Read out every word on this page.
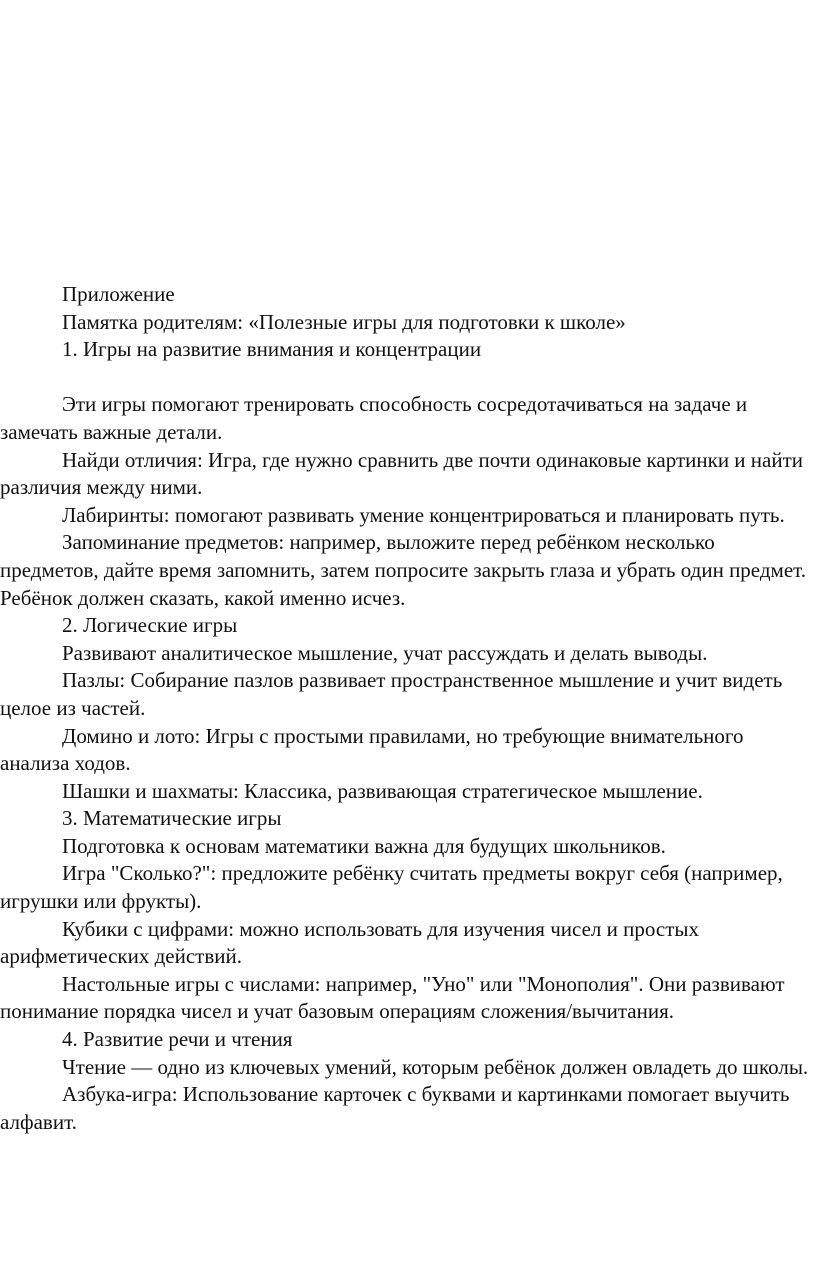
Приложение

Памятка родителям: «Полезные игры для подготовки к школе»

1. Игры на развитие внимания и концентрации

Эти игры помогают тренировать способность сосредотачиваться на задаче и замечать важные детали.

Найди отличия: Игра, где нужно сравнить две почти одинаковые картинки и найти различия между ними.

Лабиринты: помогают развивать умение концентрироваться и планировать путь.

Запоминание предметов: например, выложите перед ребёнком несколько предметов, дайте время запомнить, затем попросите закрыть глаза и убрать один предмет. Ребёнок должен сказать, какой именно исчез.

2. Логические игры

Развивают аналитическое мышление, учат рассуждать и делать выводы.

Пазлы: Собирание пазлов развивает пространственное мышление и учит видеть целое из частей.

Домино и лото: Игры с простыми правилами, но требующие внимательного анализа ходов.

Шашки и шахматы: Классика, развивающая стратегическое мышление.

3. Математические игры

Подготовка к основам математики важна для будущих школьников.

Игра "Сколько?": предложите ребёнку считать предметы вокруг себя (например, игрушки или фрукты).

Кубики с цифрами: можно использовать для изучения чисел и простых арифметических действий.

Настольные игры с числами: например, "Уно" или "Монополия". Они развивают понимание порядка чисел и учат базовым операциям сложения/вычитания.

4. Развитие речи и чтения

Чтение — одно из ключевых умений, которым ребёнок должен овладеть до школы.

Азбука-игра: Использование карточек с буквами и картинками помогает выучить алфавит.
